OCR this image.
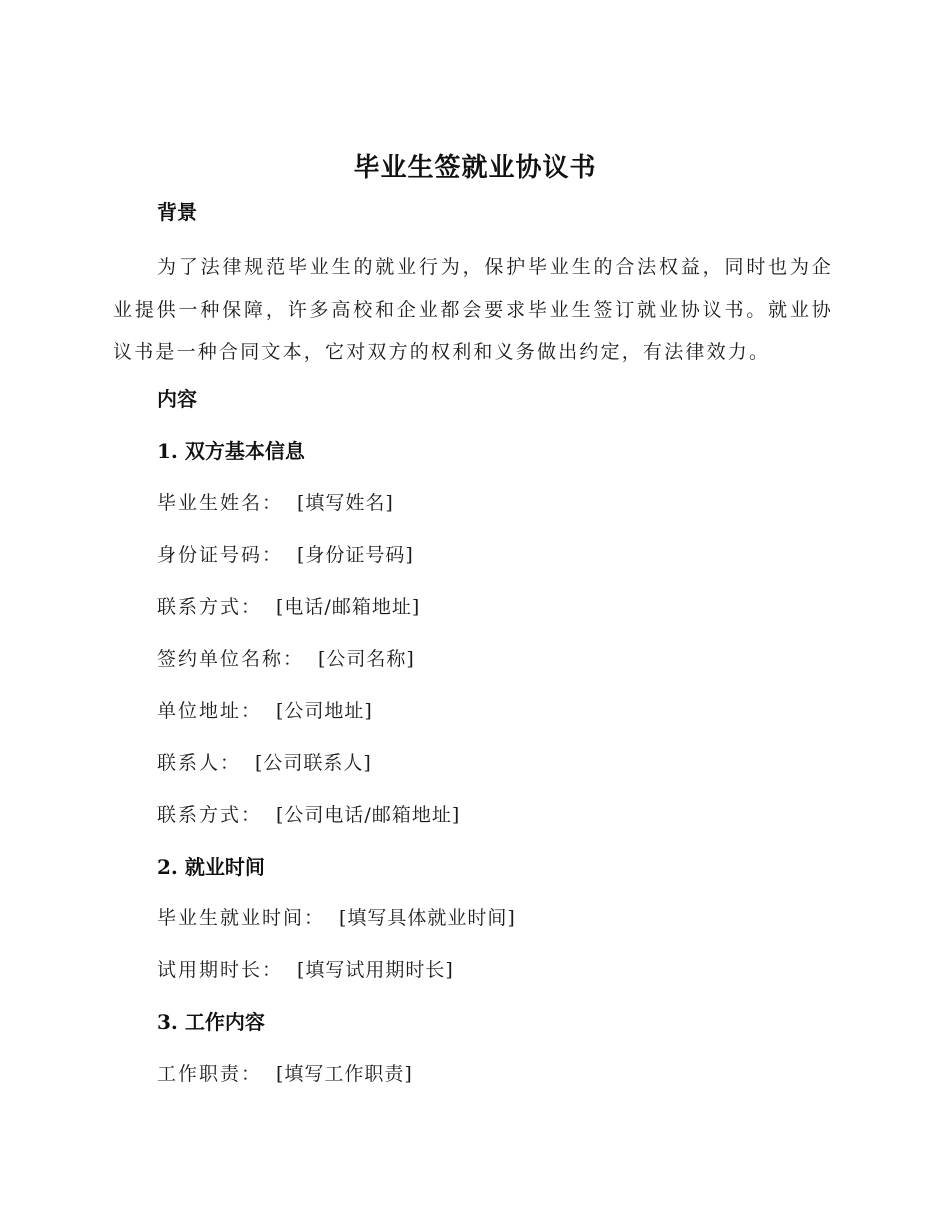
毕业生签就业协议书
背景
为了法律规范毕业生的就业行为，保护毕业生的合法权益，同时也为企业提供一种保障，许多高校和企业都会要求毕业生签订就业协议书。就业协议书是一种合同文本，它对双方的权利和义务做出约定，有法律效力。
内容
1. 双方基本信息
毕业生姓名： [填写姓名]
身份证号码： [身份证号码]
联系方式： [电话/邮箱地址]
签约单位名称： [公司名称]
单位地址： [公司地址]
联系人： [公司联系人]
联系方式： [公司电话/邮箱地址]
2. 就业时间
毕业生就业时间： [填写具体就业时间]
试用期时长： [填写试用期时长]
3. 工作内容
工作职责： [填写工作职责]
